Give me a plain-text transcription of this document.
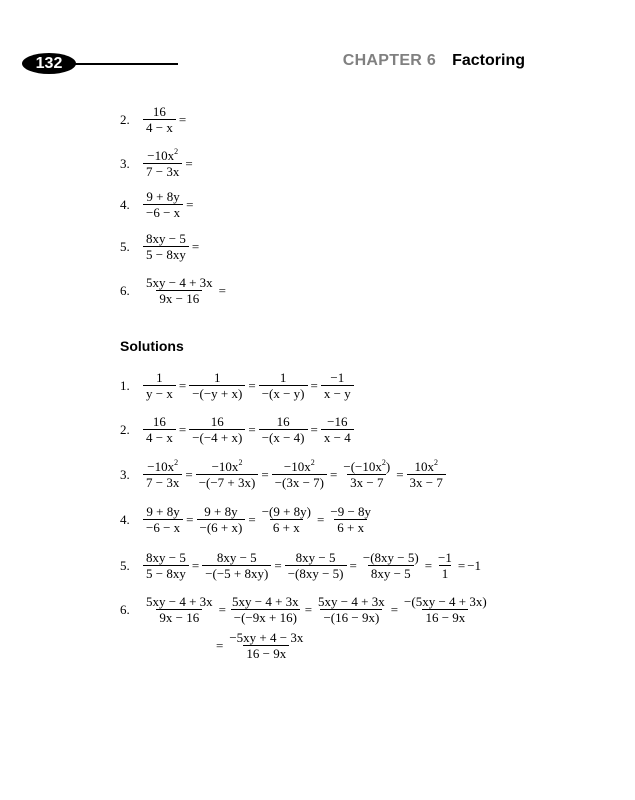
132	CHAPTER 6 Factoring
2.	$\frac{16}{4 - x}$ =
3.	$\frac{-10x^2}{7 - 3x}$ =
4.	$\frac{9 + 8y}{-6 - x}$ =
5.	$\frac{8xy - 5}{5 - 8xy}$ =
6.	$\frac{5xy - 4 + 3x}{9x - 16}$ =
Solutions
1.	$\frac{1}{y - x} = \frac{1}{-(-y + x)} = \frac{1}{-(x - y)} = \frac{-1}{x - y}$
2.	$\frac{16}{4 - x} = \frac{16}{-(-4 + x)} = \frac{16}{-(x - 4)} = \frac{-16}{x - 4}$
3.	$\frac{-10x^2}{7 - 3x} = \frac{-10x^2}{-(-7 + 3x)} = \frac{-10x^2}{-(3x - 7)} = \frac{-(-10x^2)}{3x - 7} = \frac{10x^2}{3x - 7}$
4.	$\frac{9 + 8y}{-6 - x} = \frac{9 + 8y}{-(6 + x)} = \frac{-(9 + 8y)}{6 + x} = \frac{-9 - 8y}{6 + x}$
5.	$\frac{8xy - 5}{5 - 8xy} = \frac{8xy - 5}{-(-5 + 8xy)} = \frac{8xy - 5}{-(8xy - 5)} = \frac{-(8xy - 5)}{8xy - 5} = \frac{-1}{1} = -1$
6.	$\frac{5xy - 4 + 3x}{9x - 16} = \frac{5xy - 4 + 3x}{-(-9x + 16)} = \frac{5xy - 4 + 3x}{-(16 - 9x)} = \frac{-(5xy - 4 + 3x)}{16 - 9x}$
= $\frac{-5xy + 4 - 3x}{16 - 9x}$
